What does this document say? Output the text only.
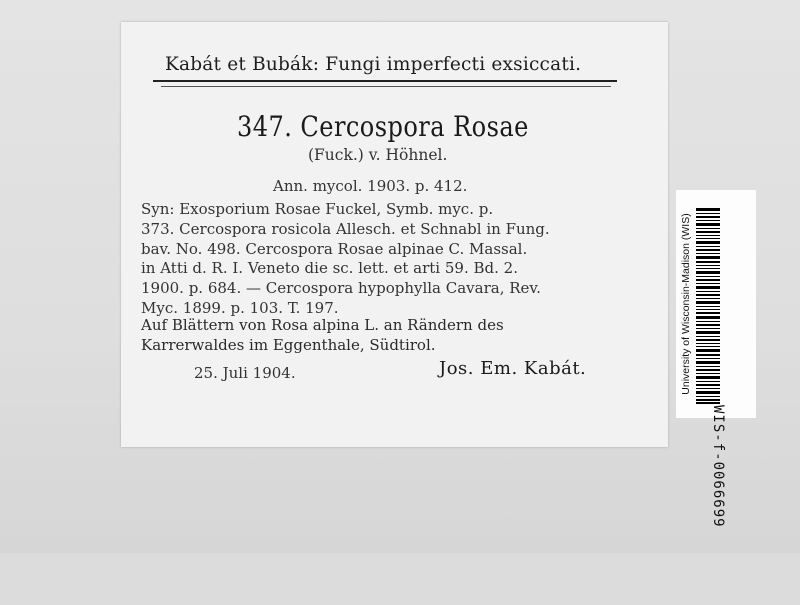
Kabát et Bubák: Fungi imperfecti exsiccati.
347. Cercospora Rosae
(Fuck.) v. Höhnel.
Ann. mycol. 1903. p. 412.
Syn: Exosporium Rosae Fuckel, Symb. myc. p.
373. Cercospora rosicola Allesch. et Schnabl in Fung.
bav. No. 498. Cercospora Rosae alpinae C. Massal.
in Atti d. R. I. Veneto die sc. lett. et arti 59. Bd. 2.
1900. p. 684. — Cercospora hypophylla Cavara, Rev.
Myc. 1899. p. 103. T. 197.
Auf Blättern von Rosa alpina L. an Rändern des
Karrerwaldes im Eggenthale, Südtirol.
25. Juli 1904.	Jos. Em. Kabát.	University of Wisconsin-Madison (WIS)
WIS-f-0066699
